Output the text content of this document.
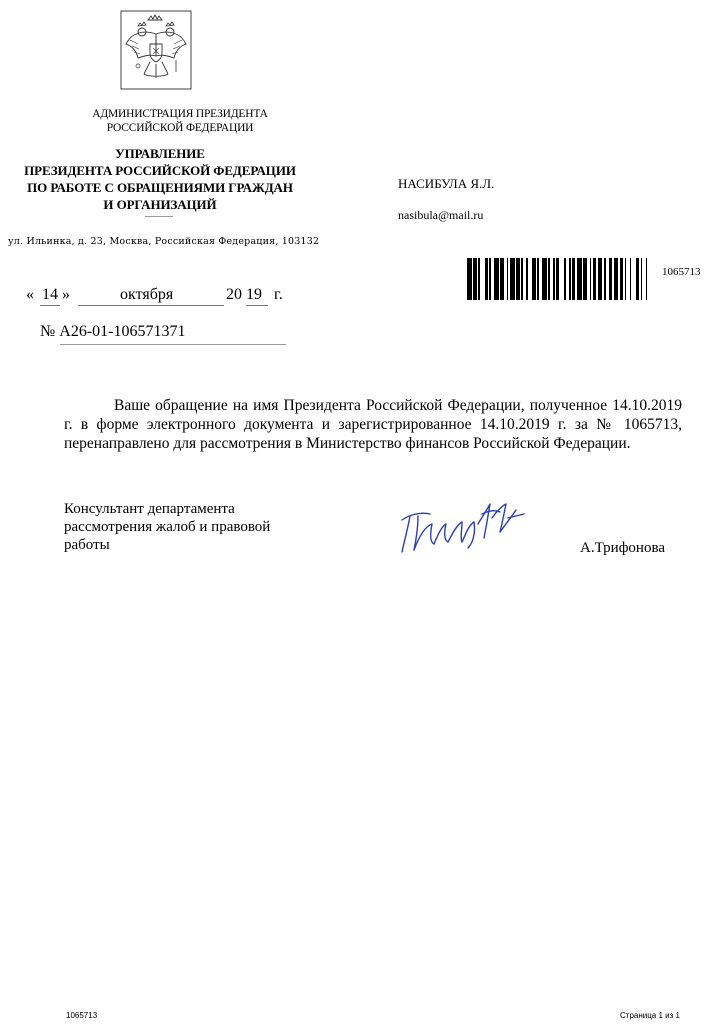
АДМИНИСТРАЦИЯ ПРЕЗИДЕНТА
РОССИЙСКОЙ ФЕДЕРАЦИИ
УПРАВЛЕНИЕ
ПРЕЗИДЕНТА РОССИЙСКОЙ ФЕДЕРАЦИИ
ПО РАБОТЕ С ОБРАЩЕНИЯМИ ГРАЖДАН
И ОРГАНИЗАЦИЙ
ул. Ильинка, д. 23, Москва, Российская Федерация, 103132
НАСИБУЛА Я.Л.
nasibula@mail.ru
1065713
« 14 »	октября	20 19 г.
№ А26-01-106571371
Ваше обращение на имя Президента Российской Федерации, полученное 14.10.2019 г. в форме электронного документа и зарегистрированное 14.10.2019 г. за № 1065713, перенаправлено для рассмотрения в Министерство финансов Российской Федерации.
Консультант департамента
рассмотрения жалоб и правовой
работы	А.Трифонова
1065713	Страница 1 из 1
